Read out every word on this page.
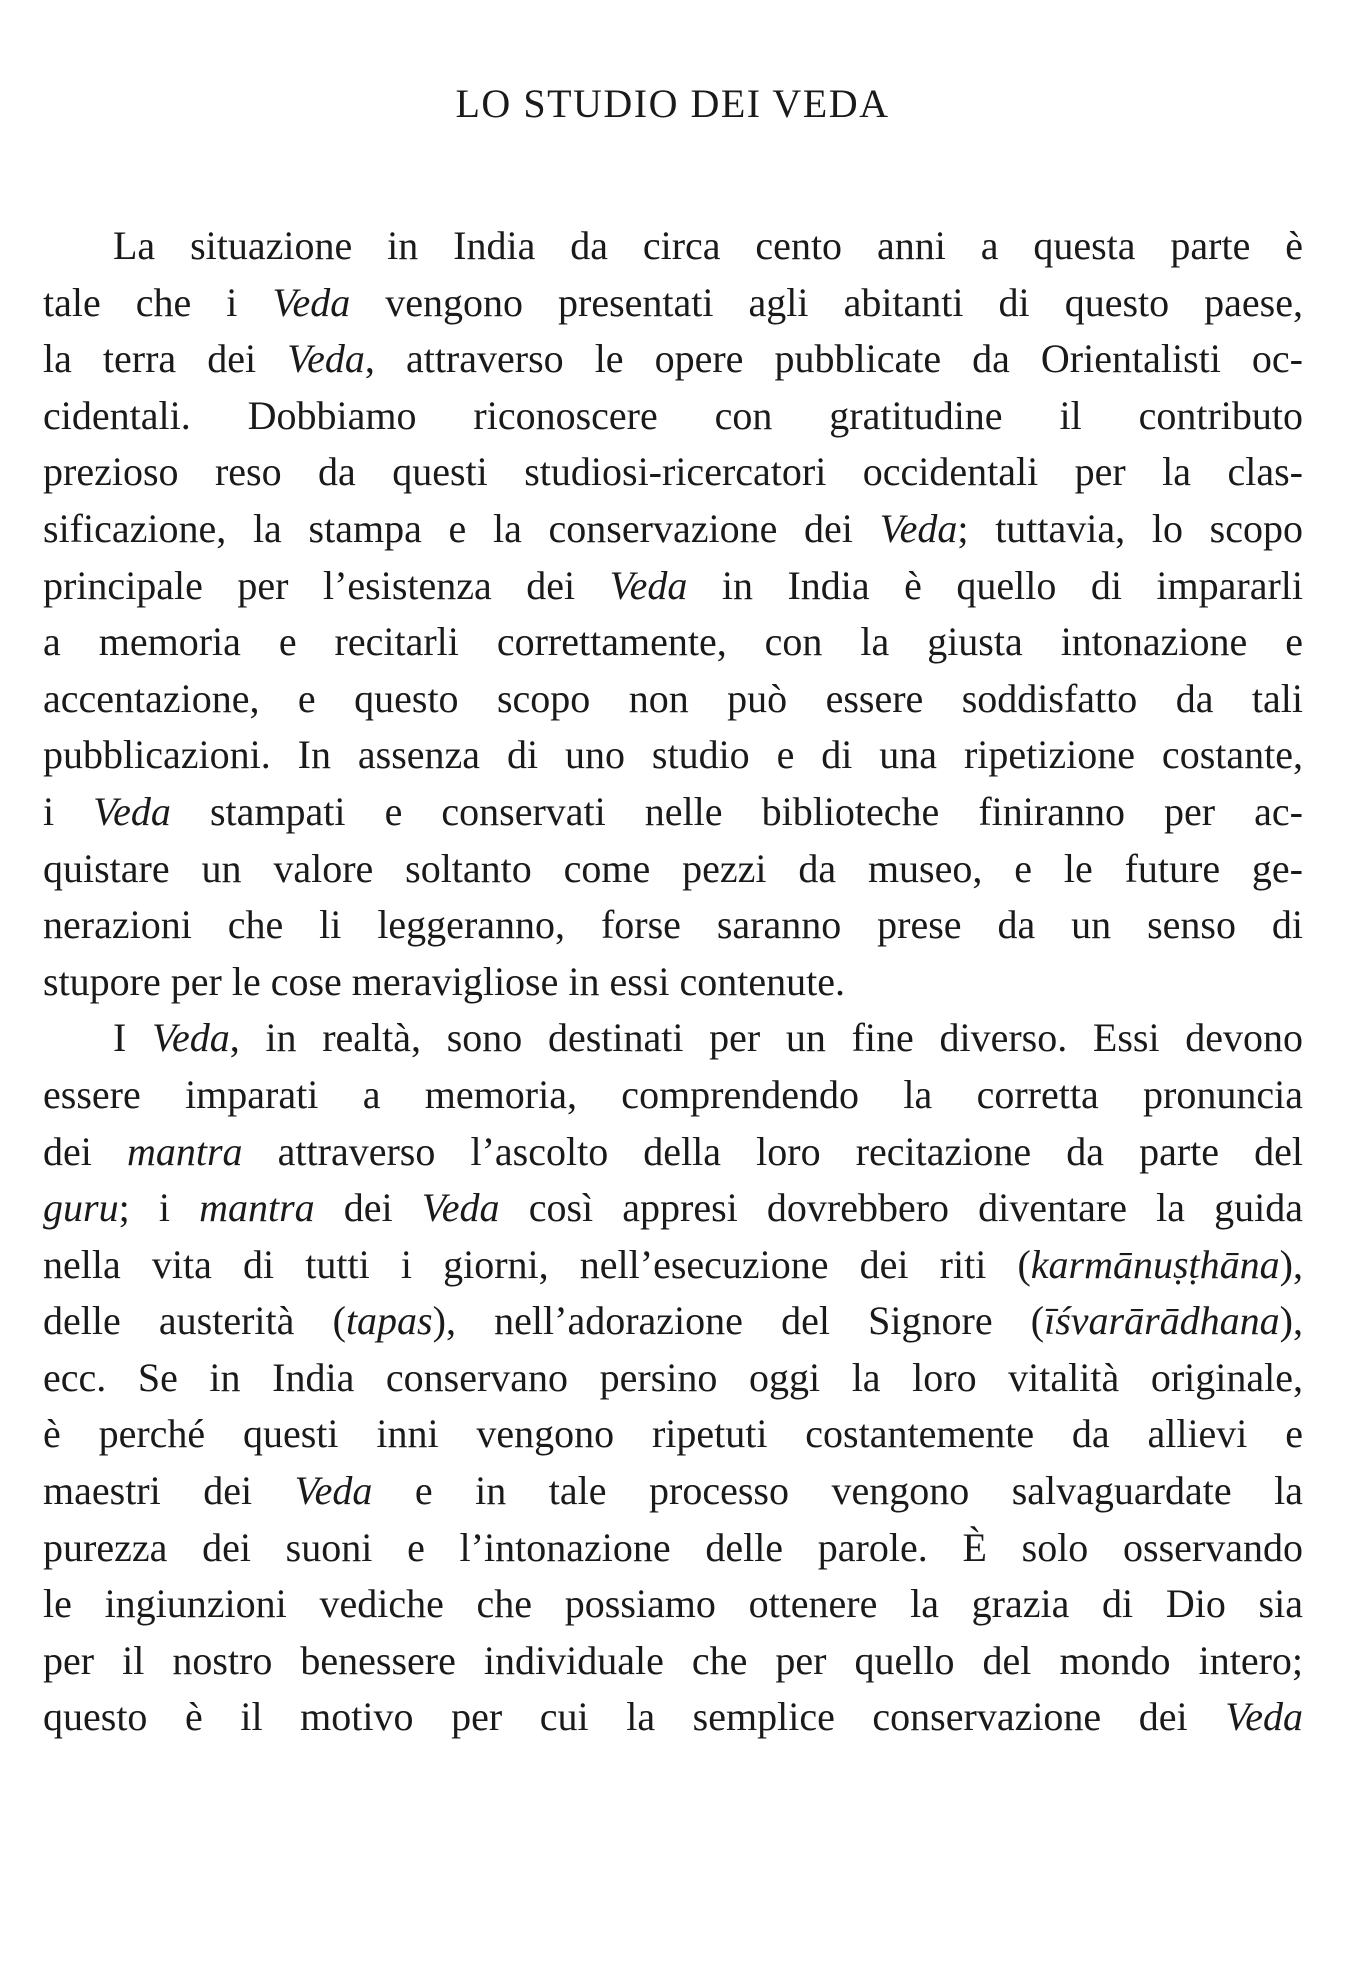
LO STUDIO DEI VEDA
La situazione in India da circa cento anni a questa parte è
tale che i Veda vengono presentati agli abitanti di questo paese,
la terra dei Veda, attraverso le opere pubblicate da Orientalisti oc-
cidentali. Dobbiamo riconoscere con gratitudine il contributo
prezioso reso da questi studiosi-ricercatori occidentali per la clas-
sificazione, la stampa e la conservazione dei Veda; tuttavia, lo scopo
principale per l’esistenza dei Veda in India è quello di impararli
a memoria e recitarli correttamente, con la giusta intonazione e
accentazione, e questo scopo non può essere soddisfatto da tali
pubblicazioni. In assenza di uno studio e di una ripetizione costante,
i Veda stampati e conservati nelle biblioteche finiranno per ac-
quistare un valore soltanto come pezzi da museo, e le future ge-
nerazioni che li leggeranno, forse saranno prese da un senso di
stupore per le cose meravigliose in essi contenute.
I Veda, in realtà, sono destinati per un fine diverso. Essi devono
essere imparati a memoria, comprendendo la corretta pronuncia
dei mantra attraverso l’ascolto della loro recitazione da parte del
guru; i mantra dei Veda così appresi dovrebbero diventare la guida
nella vita di tutti i giorni, nell’esecuzione dei riti (karmānuṣṭhāna),
delle austerità (tapas), nell’adorazione del Signore (īśvarārādhana),
ecc. Se in India conservano persino oggi la loro vitalità originale,
è perché questi inni vengono ripetuti costantemente da allievi e
maestri dei Veda e in tale processo vengono salvaguardate la
purezza dei suoni e l’intonazione delle parole. È solo osservando
le ingiunzioni vediche che possiamo ottenere la grazia di Dio sia
per il nostro benessere individuale che per quello del mondo intero;
questo è il motivo per cui la semplice conservazione dei Veda
